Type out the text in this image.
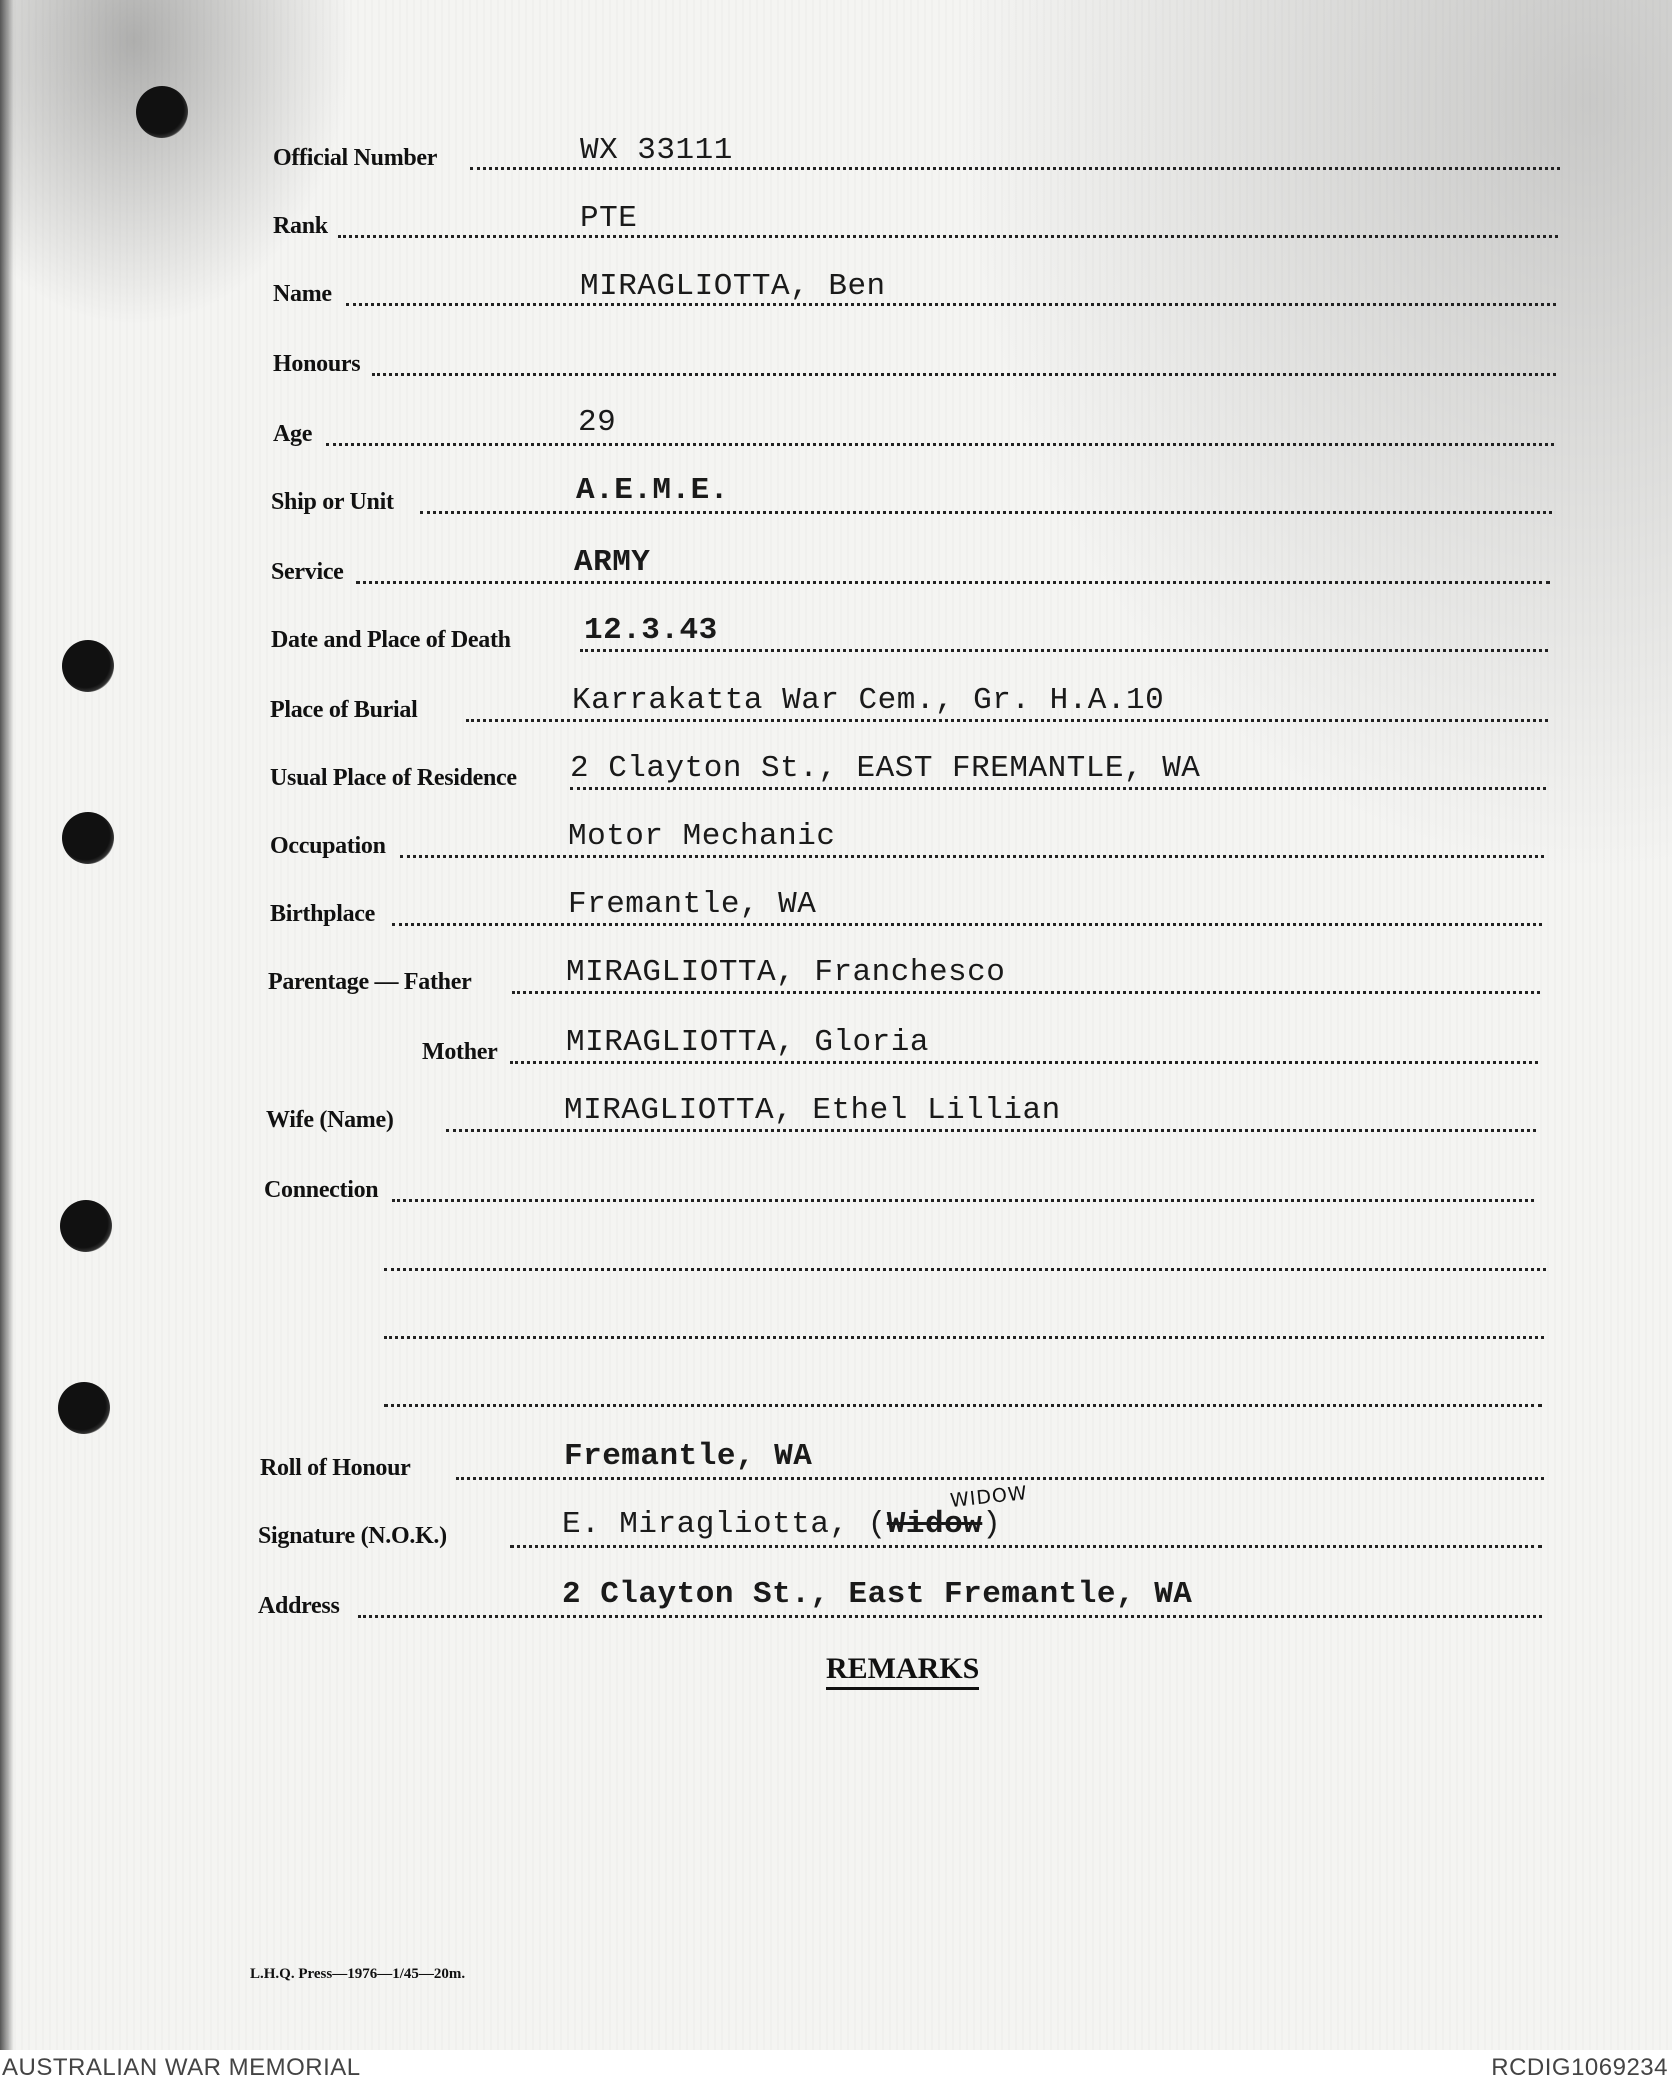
Official Number	WX 33111
Rank	PTE
Name	MIRAGLIOTTA, Ben
Honours
Age	29
Ship or Unit	A.E.M.E.
Service	ARMY
Date and Place of Death 12.3.43
Place of Burial	Karrakatta War Cem., Gr. H.A.10
Usual Place of Residence 2 Clayton St., EAST FREMANTLE, WA
Occupation	Motor Mechanic
Birthplace	Fremantle, WA
Parentage — Father	MIRAGLIOTTA, Franchesco
Mother MIRAGLIOTTA, Gloria
Wife (Name)	MIRAGLIOTTA, Ethel Lillian
Connection
Roll of Honour	Fremantle, WA
Signature (N.O.K.)	E. Miragliotta, (Widow)
WIDOW
Address	2 Clayton St., East Fremantle, WA
REMARKS
L.H.Q. Press—1976—1/45—20m.
AUSTRALIAN WAR MEMORIAL	RCDIG1069234
